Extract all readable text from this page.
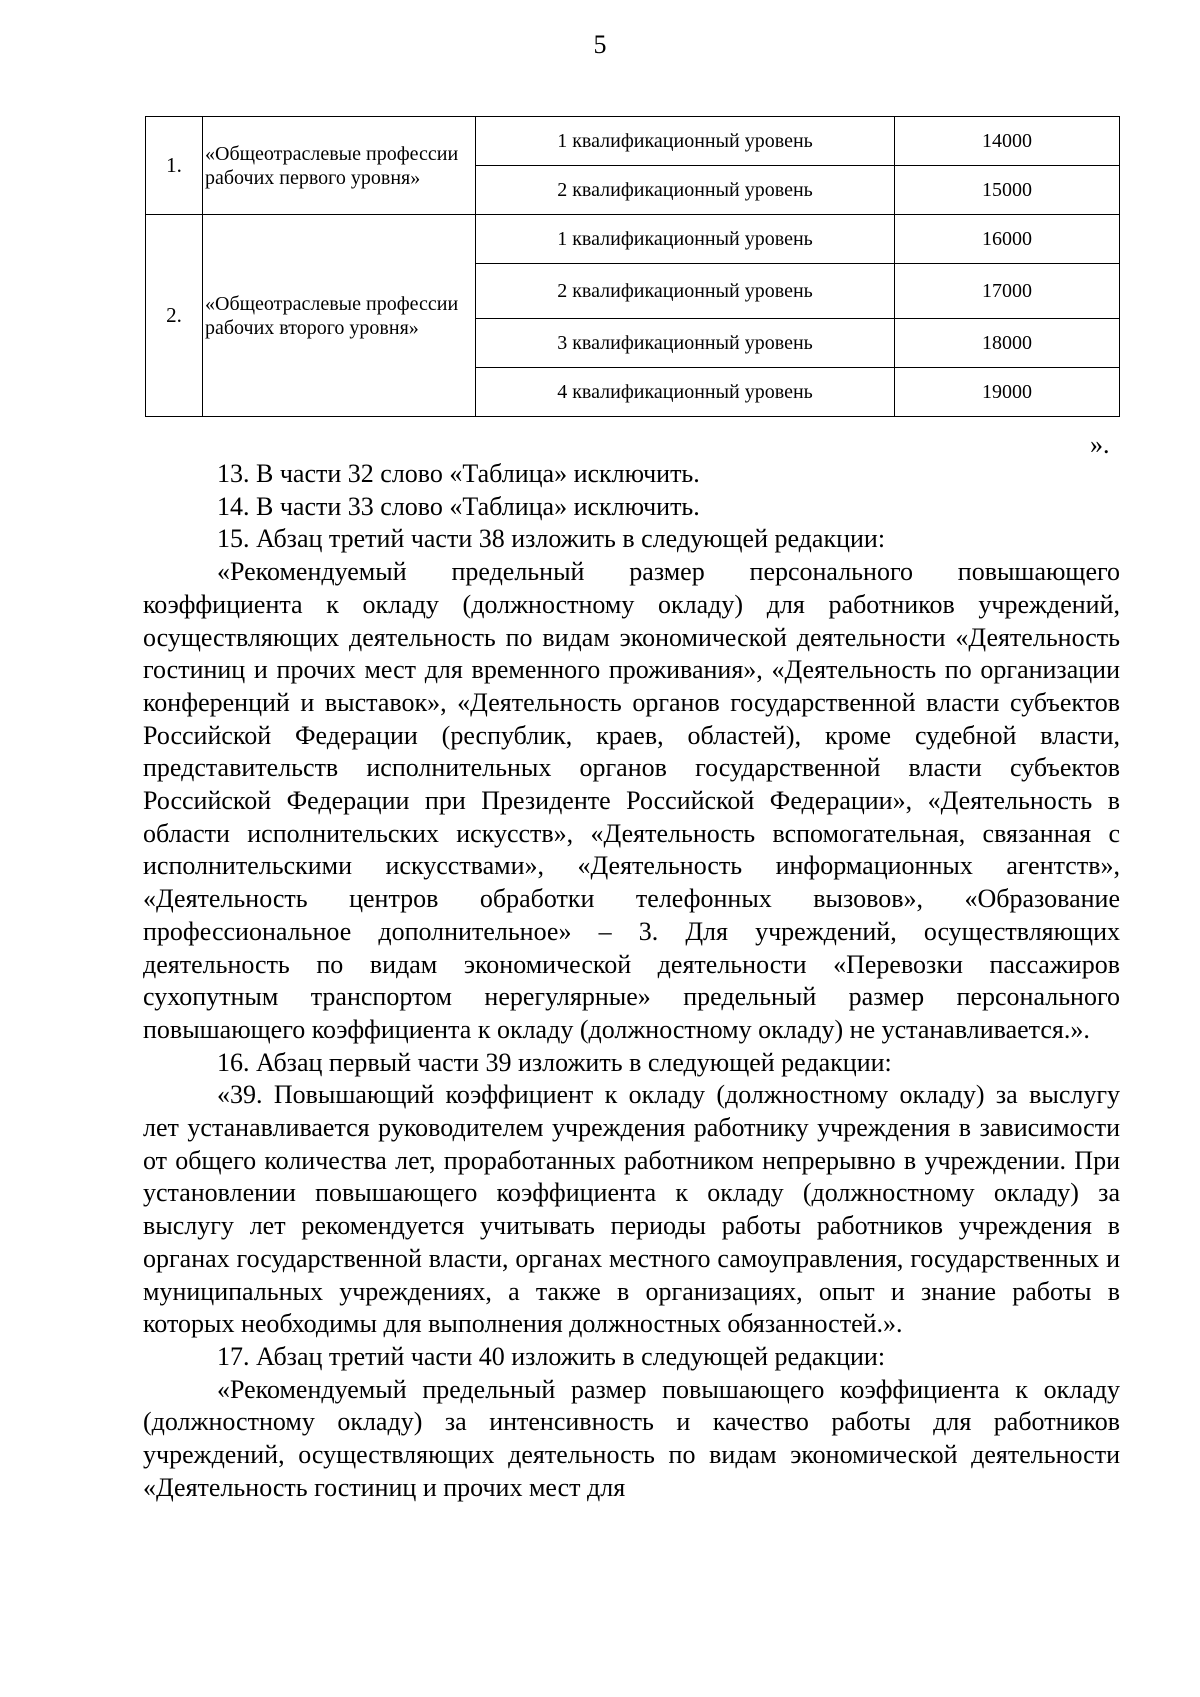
5
1.	«Общеотраслевые профессии рабочих первого уровня»	1 квалификационный уровень	14000
		2 квалификационный уровень	15000
2.	«Общеотраслевые профессии рабочих второго уровня»	1 квалификационный уровень	16000
		2 квалификационный уровень	17000
		3 квалификационный уровень	18000
		4 квалификационный уровень	19000
».

13. В части 32 слово «Таблица» исключить.

14. В части 33 слово «Таблица» исключить.

15. Абзац третий части 38 изложить в следующей редакции:

«Рекомендуемый предельный размер персонального повышающего коэффициента к окладу (должностному окладу) для работников учреждений, осуществляющих деятельность по видам экономической деятельности «Деятельность гостиниц и прочих мест для временного проживания», «Деятельность по организации конференций и выставок», «Деятельность органов государственной власти субъектов Российской Федерации (республик, краев, областей), кроме судебной власти, представительств исполнительных органов государственной власти субъектов Российской Федерации при Президенте Российской Федерации», «Деятельность в области исполнительских искусств», «Деятельность вспомогательная, связанная с исполнительскими искусствами», «Деятельность информационных агентств», «Деятельность центров обработки телефонных вызовов», «Образование профессиональное дополнительное» – 3. Для учреждений, осуществляющих деятельность по видам экономической деятельности «Перевозки пассажиров сухопутным транспортом нерегулярные» предельный размер персонального повышающего коэффициента к окладу (должностному окладу) не устанавливается.».

16. Абзац первый части 39 изложить в следующей редакции:

«39. Повышающий коэффициент к окладу (должностному окладу) за выслугу лет устанавливается руководителем учреждения работнику учреждения в зависимости от общего количества лет, проработанных работником непрерывно в учреждении. При установлении повышающего коэффициента к окладу (должностному окладу) за выслугу лет рекомендуется учитывать периоды работы работников учреждения в органах государственной власти, органах местного самоуправления, государственных и муниципальных учреждениях, а также в организациях, опыт и знание работы в которых необходимы для выполнения должностных обязанностей.».

17. Абзац третий части 40 изложить в следующей редакции:

«Рекомендуемый предельный размер повышающего коэффициента к окладу (должностному окладу) за интенсивность и качество работы для работников учреждений, осуществляющих деятельность по видам экономической деятельности «Деятельность гостиниц и прочих мест для
